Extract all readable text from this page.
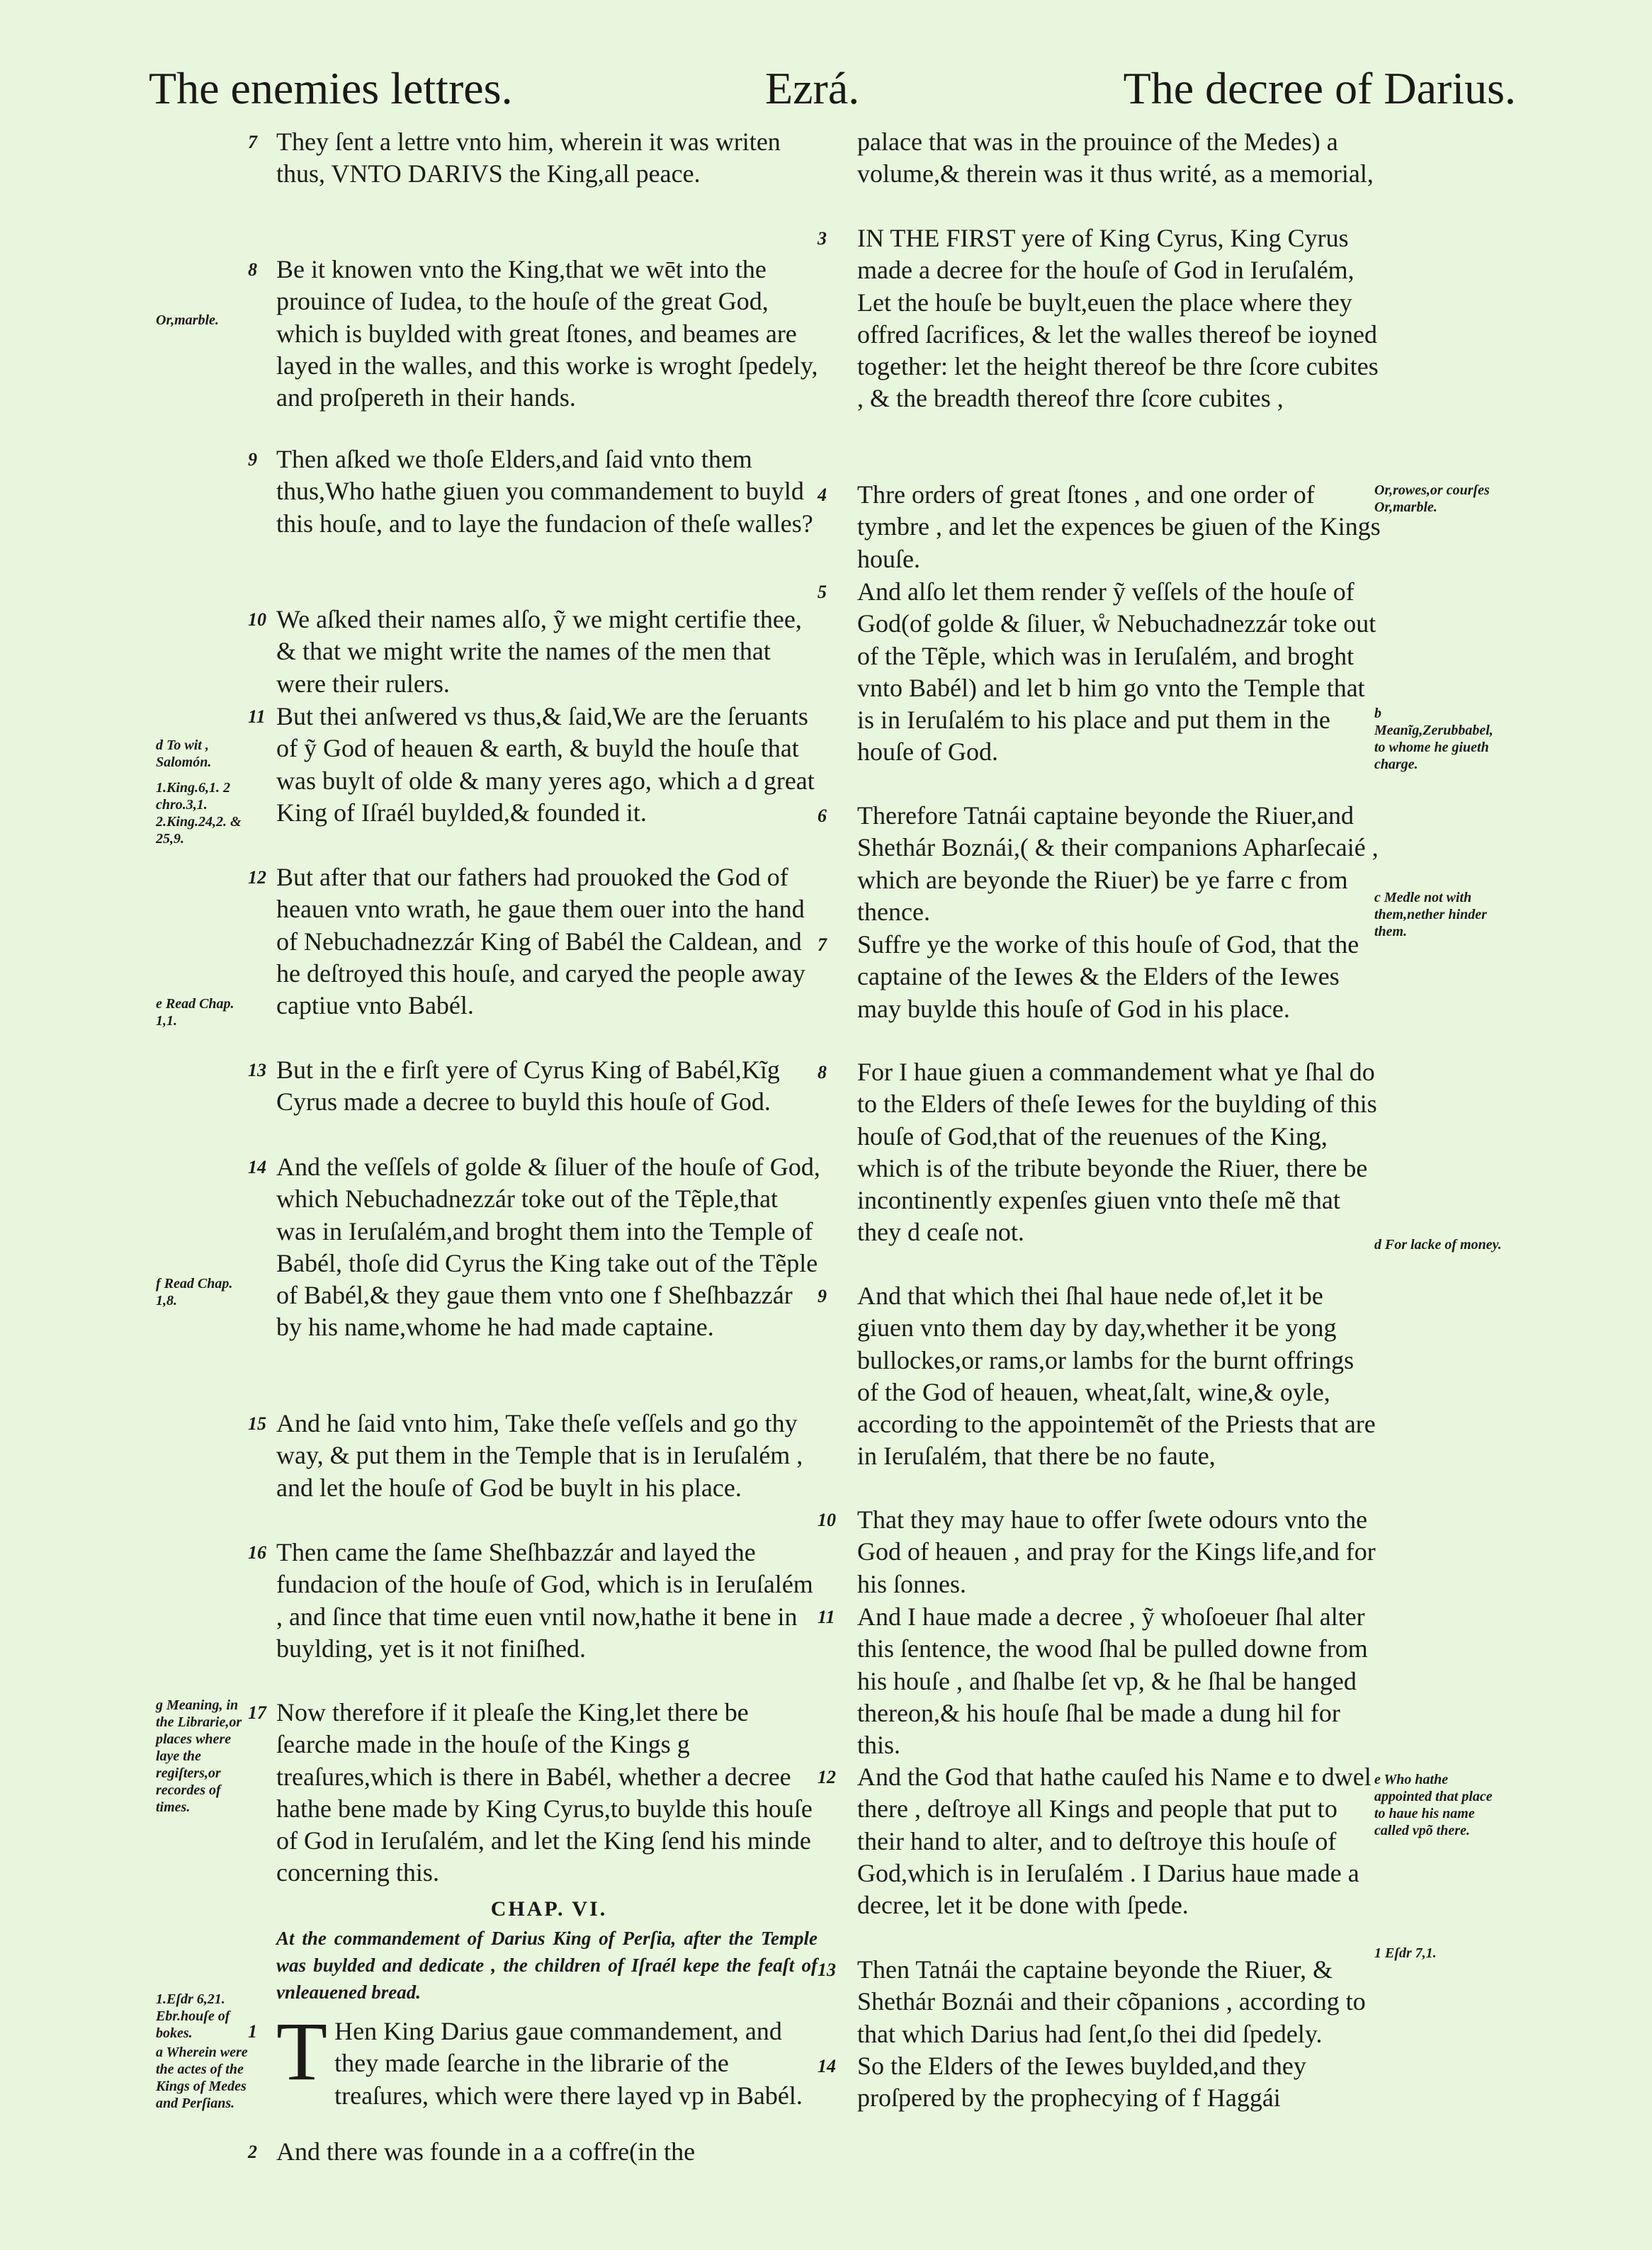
The enemies lettres.	Ezrá.	The decree of Darius.

7 They ſent a lettre vnto him, wherein it was writen thus, VNTO DARIVS the King,all peace.

8 Be it knowen vnto the King,that we wēt into the prouince of Iudea, to the houſe of the great God, which is buylded with great ſtones, and beames are layed in the walles, and this worke is wroght ſpedely, and proſpereth in their hands.

9 Then aſked we thoſe Elders,and ſaid vnto them thus,Who hathe giuen you commandement to buyld this houſe, and to laye the fundacion of theſe walles?

10 We aſked their names alſo, ỹ we might certifie thee, & that we might write the names of the men that were their rulers.

11 But thei anſwered vs thus,& ſaid,We are the ſeruants of ỹ God of heauen & earth, & buyld the houſe that was buylt of olde & many yeres ago, which a d great King of Iſraél buylded,& founded it.

12 But after that our fathers had prouoked the God of heauen vnto wrath, he gaue them ouer into the hand of Nebuchadnezzár King of Babél the Caldean, and he deſtroyed this houſe, and caryed the people away captiue vnto Babél.

13 But in the e firſt yere of Cyrus King of Babél,Kĩg Cyrus made a decree to buyld this houſe of God.

14 And the veſſels of golde & ſiluer of the houſe of God, which Nebuchadnezzár toke out of the Tẽple,that was in Ieruſalém,and broght them into the Temple of Babél, thoſe did Cyrus the King take out of the Tẽple of Babél,& they gaue them vnto one f Sheſhbazzár by his name,whome he had made captaine.

15 And he ſaid vnto him, Take theſe veſſels and go thy way, & put them in the Temple that is in Ieruſalém , and let the houſe of God be buylt in his place.

16 Then came the ſame Sheſhbazzár and layed the fundacion of the houſe of God, which is in Ieruſalém , and ſince that time euen vntil now,hathe it bene in buylding, yet is it not finiſhed.

17 Now therefore if it pleaſe the King,let there be ſearche made in the houſe of the Kings g treaſures,which is there in Babél, whether a decree hathe bene made by King Cyrus,to buylde this houſe of God in Ieruſalém, and let the King ſend his minde concerning this.

CHAP. VI.
At the commandement of Darius King of Perſia, after the Temple was buylded and dedicate , the children of Iſraél kepe the feaſt of vnleauened bread.

1 T Hen King Darius gaue commandement, and they made ſearche in the librarie of the treaſures, which were there layed vp in Babél.

2 And there was founde in a a coffre(in the

palace that was in the prouince of the Medes) a volume,& therein was it thus writé, as a memorial,

3 IN THE FIRST yere of King Cyrus, King Cyrus made a decree for the houſe of God in Ieruſalém, Let the houſe be buylt,euen the place where they offred ſacrifices, & let the walles thereof be ioyned together: let the height thereof be thre ſcore cubites , & the breadth thereof thre ſcore cubites ,

4 Thre orders of great ſtones , and one order of tymbre , and let the expences be giuen of the Kings houſe.

5 And alſo let them render ỹ veſſels of the houſe of God(of golde & ſiluer, ẘ Nebuchadnezzár toke out of the Tẽple, which was in Ieruſalém, and broght vnto Babél) and let b him go vnto the Temple that is in Ieruſalém to his place and put them in the houſe of God.

6 Therefore Tatnái captaine beyonde the Riuer,and Shethár Boznái,( & their companions Apharſecaié , which are beyonde the Riuer) be ye farre c from thence.

7 Suffre ye the worke of this houſe of God, that the captaine of the Iewes & the Elders of the Iewes may buylde this houſe of God in his place.

8 For I haue giuen a commandement what ye ſhal do to the Elders of theſe Iewes for the buylding of this houſe of God,that of the reuenues of the King, which is of the tribute beyonde the Riuer, there be incontinently expenſes giuen vnto theſe mẽ that they d ceaſe not.

9 And that which thei ſhal haue nede of,let it be giuen vnto them day by day,whether it be yong bullockes,or rams,or lambs for the burnt offrings of the God of heauen, wheat,ſalt, wine,& oyle, according to the appointemẽt of the Priests that are in Ieruſalém, that there be no faute,

10 That they may haue to offer ſwete odours vnto the God of heauen , and pray for the Kings life,and for his ſonnes.

11 And I haue made a decree , ỹ whoſoeuer ſhal alter this ſentence, the wood ſhal be pulled downe from his houſe , and ſhalbe ſet vp, & he ſhal be hanged thereon,& his houſe ſhal be made a dung hil for this.

12 And the God that hathe cauſed his Name e to dwel there , deſtroye all Kings and people that put to their hand to alter, and to deſtroye this houſe of God,which is in Ieruſalém . I Darius haue made a decree, let it be done with ſpede.

13 Then Tatnái the captaine beyonde the Riuer, & Shethár Boznái and their cõpanions , according to that which Darius had ſent,ſo thei did ſpedely.

14 So the Elders of the Iewes buylded,and they proſpered by the prophecying of f Haggái

Or,marble.
d To wit , Salomón.
1.King.6,1. 2 chro.3,1. 2.King.24,2. & 25,9.
e Read Chap. 1,1.
f Read Chap. 1,8.
g Meaning, in the Librarie,or places where laye the regiſters,or recordes of times.
1.Eſdr 6,21. Ebr.houſe of bokes.
a Wherein were the actes of the Kings of Medes and Perſians.
Or,rowes,or courſes Or,marble.
b Meanĩg,Zerubbabel, to whome he giueth charge.
c Medle not with them,nether hinder them.
d For lacke of money.
e Who hathe appointed that place to haue his name called vpõ there.
1 Eſdr 7,1.
